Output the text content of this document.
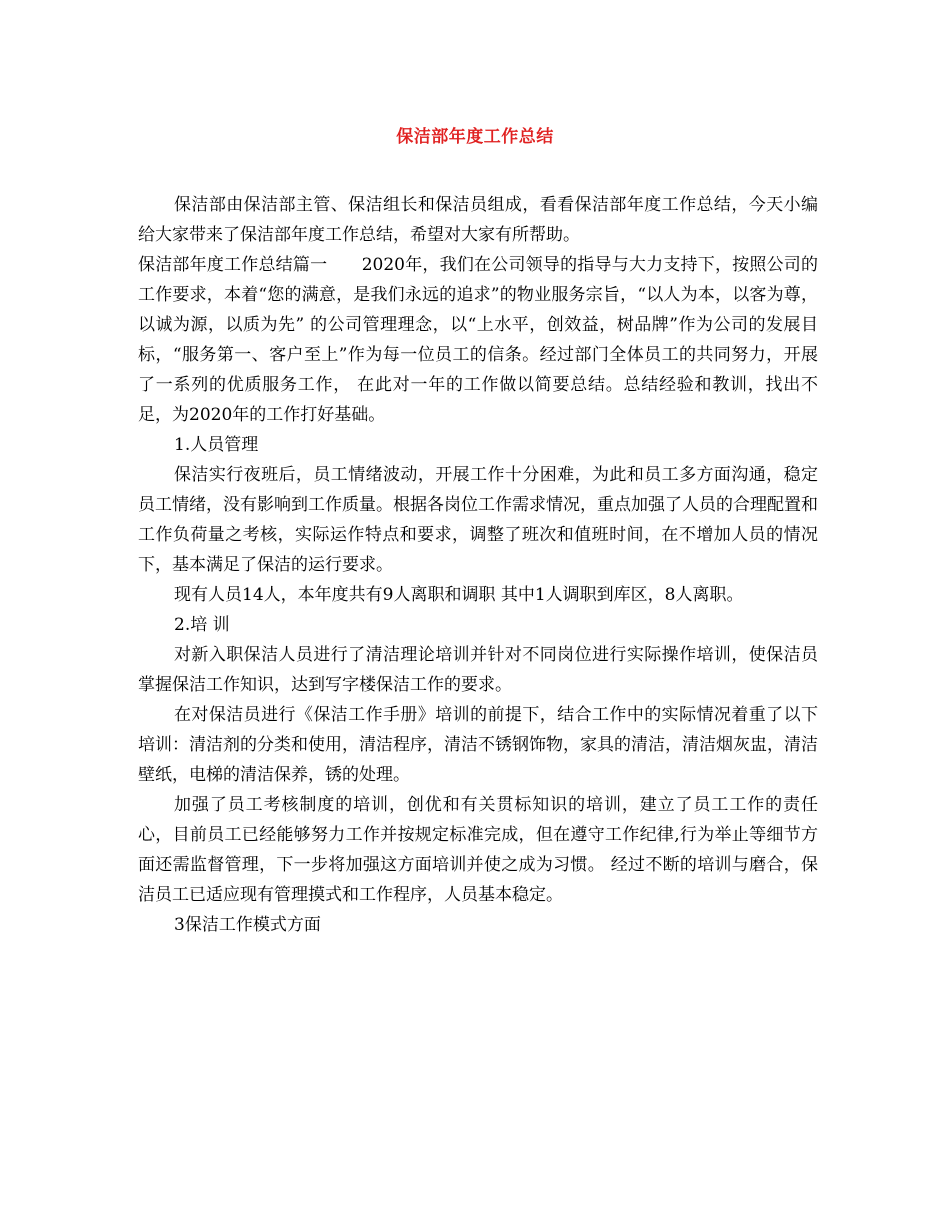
保洁部年度工作总结

保洁部由保洁部主管、保洁组长和保洁员组成，看看保洁部年度工作总结，今天小编给大家带来了保洁部年度工作总结，希望对大家有所帮助。

保洁部年度工作总结篇一　　2020年，我们在公司领导的指导与大力支持下，按照公司的工作要求，本着“您的满意，是我们永远的追求”的物业服务宗旨，“以人为本，以客为尊，以诚为源，以质为先” 的公司管理理念，以“上水平，创效益，树品牌”作为公司的发展目标，“服务第一、客户至上”作为每一位员工的信条。经过部门全体员工的共同努力，开展了一系列的优质服务工作， 在此对一年的工作做以简要总结。总结经验和教训，找出不足，为2020年的工作打好基础。

1.人员管理

保洁实行夜班后，员工情绪波动，开展工作十分困难，为此和员工多方面沟通，稳定员工情绪，没有影响到工作质量。根据各岗位工作需求情况，重点加强了人员的合理配置和工作负荷量之考核，实际运作特点和要求，调整了班次和值班时间，在不增加人员的情况下，基本满足了保洁的运行要求。

现有人员14人，本年度共有9人离职和调职 其中1人调职到库区，8人离职。

2.培 训

对新入职保洁人员进行了清洁理论培训并针对不同岗位进行实际操作培训，使保洁员掌握保洁工作知识，达到写字楼保洁工作的要求。

在对保洁员进行《保洁工作手册》培训的前提下，结合工作中的实际情况着重了以下培训：清洁剂的分类和使用，清洁程序，清洁不锈钢饰物，家具的清洁，清洁烟灰盅，清洁壁纸，电梯的清洁保养，锈的处理。

加强了员工考核制度的培训，创优和有关贯标知识的培训，建立了员工工作的责任心，目前员工已经能够努力工作并按规定标准完成，但在遵守工作纪律,行为举止等细节方面还需监督管理，下一步将加强这方面培训并使之成为习惯。 经过不断的培训与磨合，保洁员工已适应现有管理摸式和工作程序，人员基本稳定。

3保洁工作模式方面
